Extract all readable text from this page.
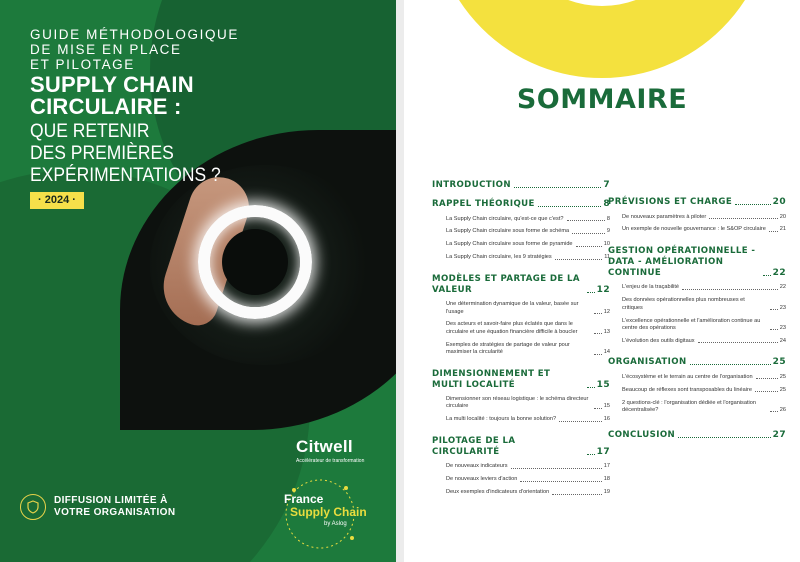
GUIDE MÉTHODOLOGIQUE
DE MISE EN PLACE
ET PILOTAGE
SUPPLY CHAIN
CIRCULAIRE :
QUE RETENIR
DES PREMIÈRES
EXPÉRIMENTATIONS ?
· 2024 ·
Citwell
Accélérateur de transformation
DIFFUSION LIMITÉE À
VOTRE ORGANISATION
France
Supply Chain
by Aslog
SOMMAIRE
INTRODUCTION	7
RAPPEL THÉORIQUE	8
La Supply Chain circulaire, qu'est-ce que c'est?	8
La Supply Chain circulaire sous forme de schéma	9
La Supply Chain circulaire sous forme de pyramide	10
La Supply Chain circulaire, les 9 stratégies	11
MODÈLES ET PARTAGE DE LA VALEUR	12
Une détermination dynamique de la valeur, basée sur l'usage	12
Des acteurs et savoir-faire plus éclatés que dans le circulaire et une équation financière difficile à boucler	13
Exemples de stratégies de partage de valeur pour maximiser la circularité	14
DIMENSIONNEMENT ET MULTI LOCALITÉ	15
Dimensionner son réseau logistique : le schéma directeur circulaire	15
La multi localité : toujours la bonne solution?	16
PILOTAGE DE LA CIRCULARITÉ	17
De nouveaux indicateurs	17
De nouveaux leviers d'action	18
Deux exemples d'indicateurs d'orientation	19
PRÉVISIONS ET CHARGE	20
De nouveaux paramètres à piloter	20
Un exemple de nouvelle gouvernance : le S&OP circulaire 21
GESTION OPÉRATIONNELLE - DATA - AMÉLIORATION CONTINUE	22
L'enjeu de la traçabilité	22
Des données opérationnelles plus nombreuses et critiques	23
L'excellence opérationnelle et l'amélioration continue au centre des opérations	23
L'évolution des outils digitaux	24
ORGANISATION	25
L'écosystème et le terrain au centre de l'organisation	25
Beaucoup de réflexes sont transposables du linéaire	25
2 questions-clé : l'organisation dédiée et l'organisation décentralisée?	26
CONCLUSION	27
